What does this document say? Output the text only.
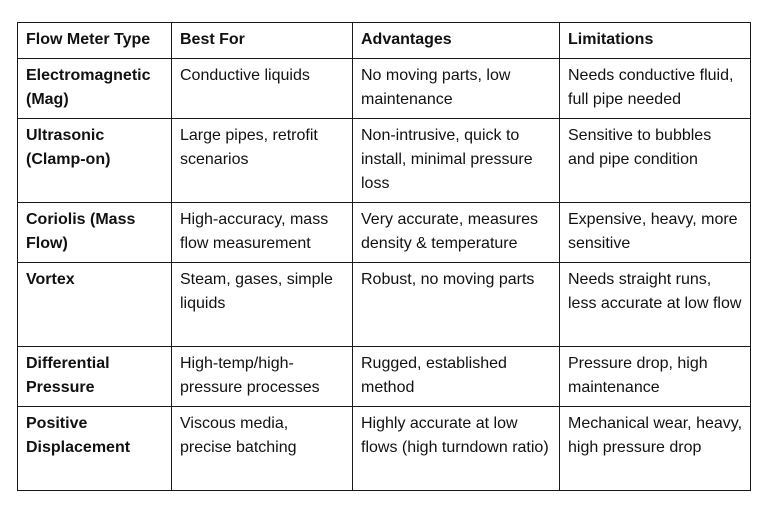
Flow Meter Type	Best For	Advantages	Limitations
Electromagnetic (Mag)	Conductive liquids	No moving parts, low maintenance	Needs conductive fluid, full pipe needed
Ultrasonic (Clamp-on)	Large pipes, retrofit scenarios	Non-intrusive, quick to install, minimal pressure loss	Sensitive to bubbles and pipe condition
Coriolis (Mass Flow)	High-accuracy, mass flow measurement	Very accurate, measures density & temperature	Expensive, heavy, more sensitive
Vortex	Steam, gases, simple liquids	Robust, no moving parts	Needs straight runs, less accurate at low flow
Differential Pressure	High-temp/high-pressure processes	Rugged, established method	Pressure drop, high maintenance
Positive Displacement	Viscous media, precise batching	Highly accurate at low flows (high turndown ratio)	Mechanical wear, heavy, high pressure drop
